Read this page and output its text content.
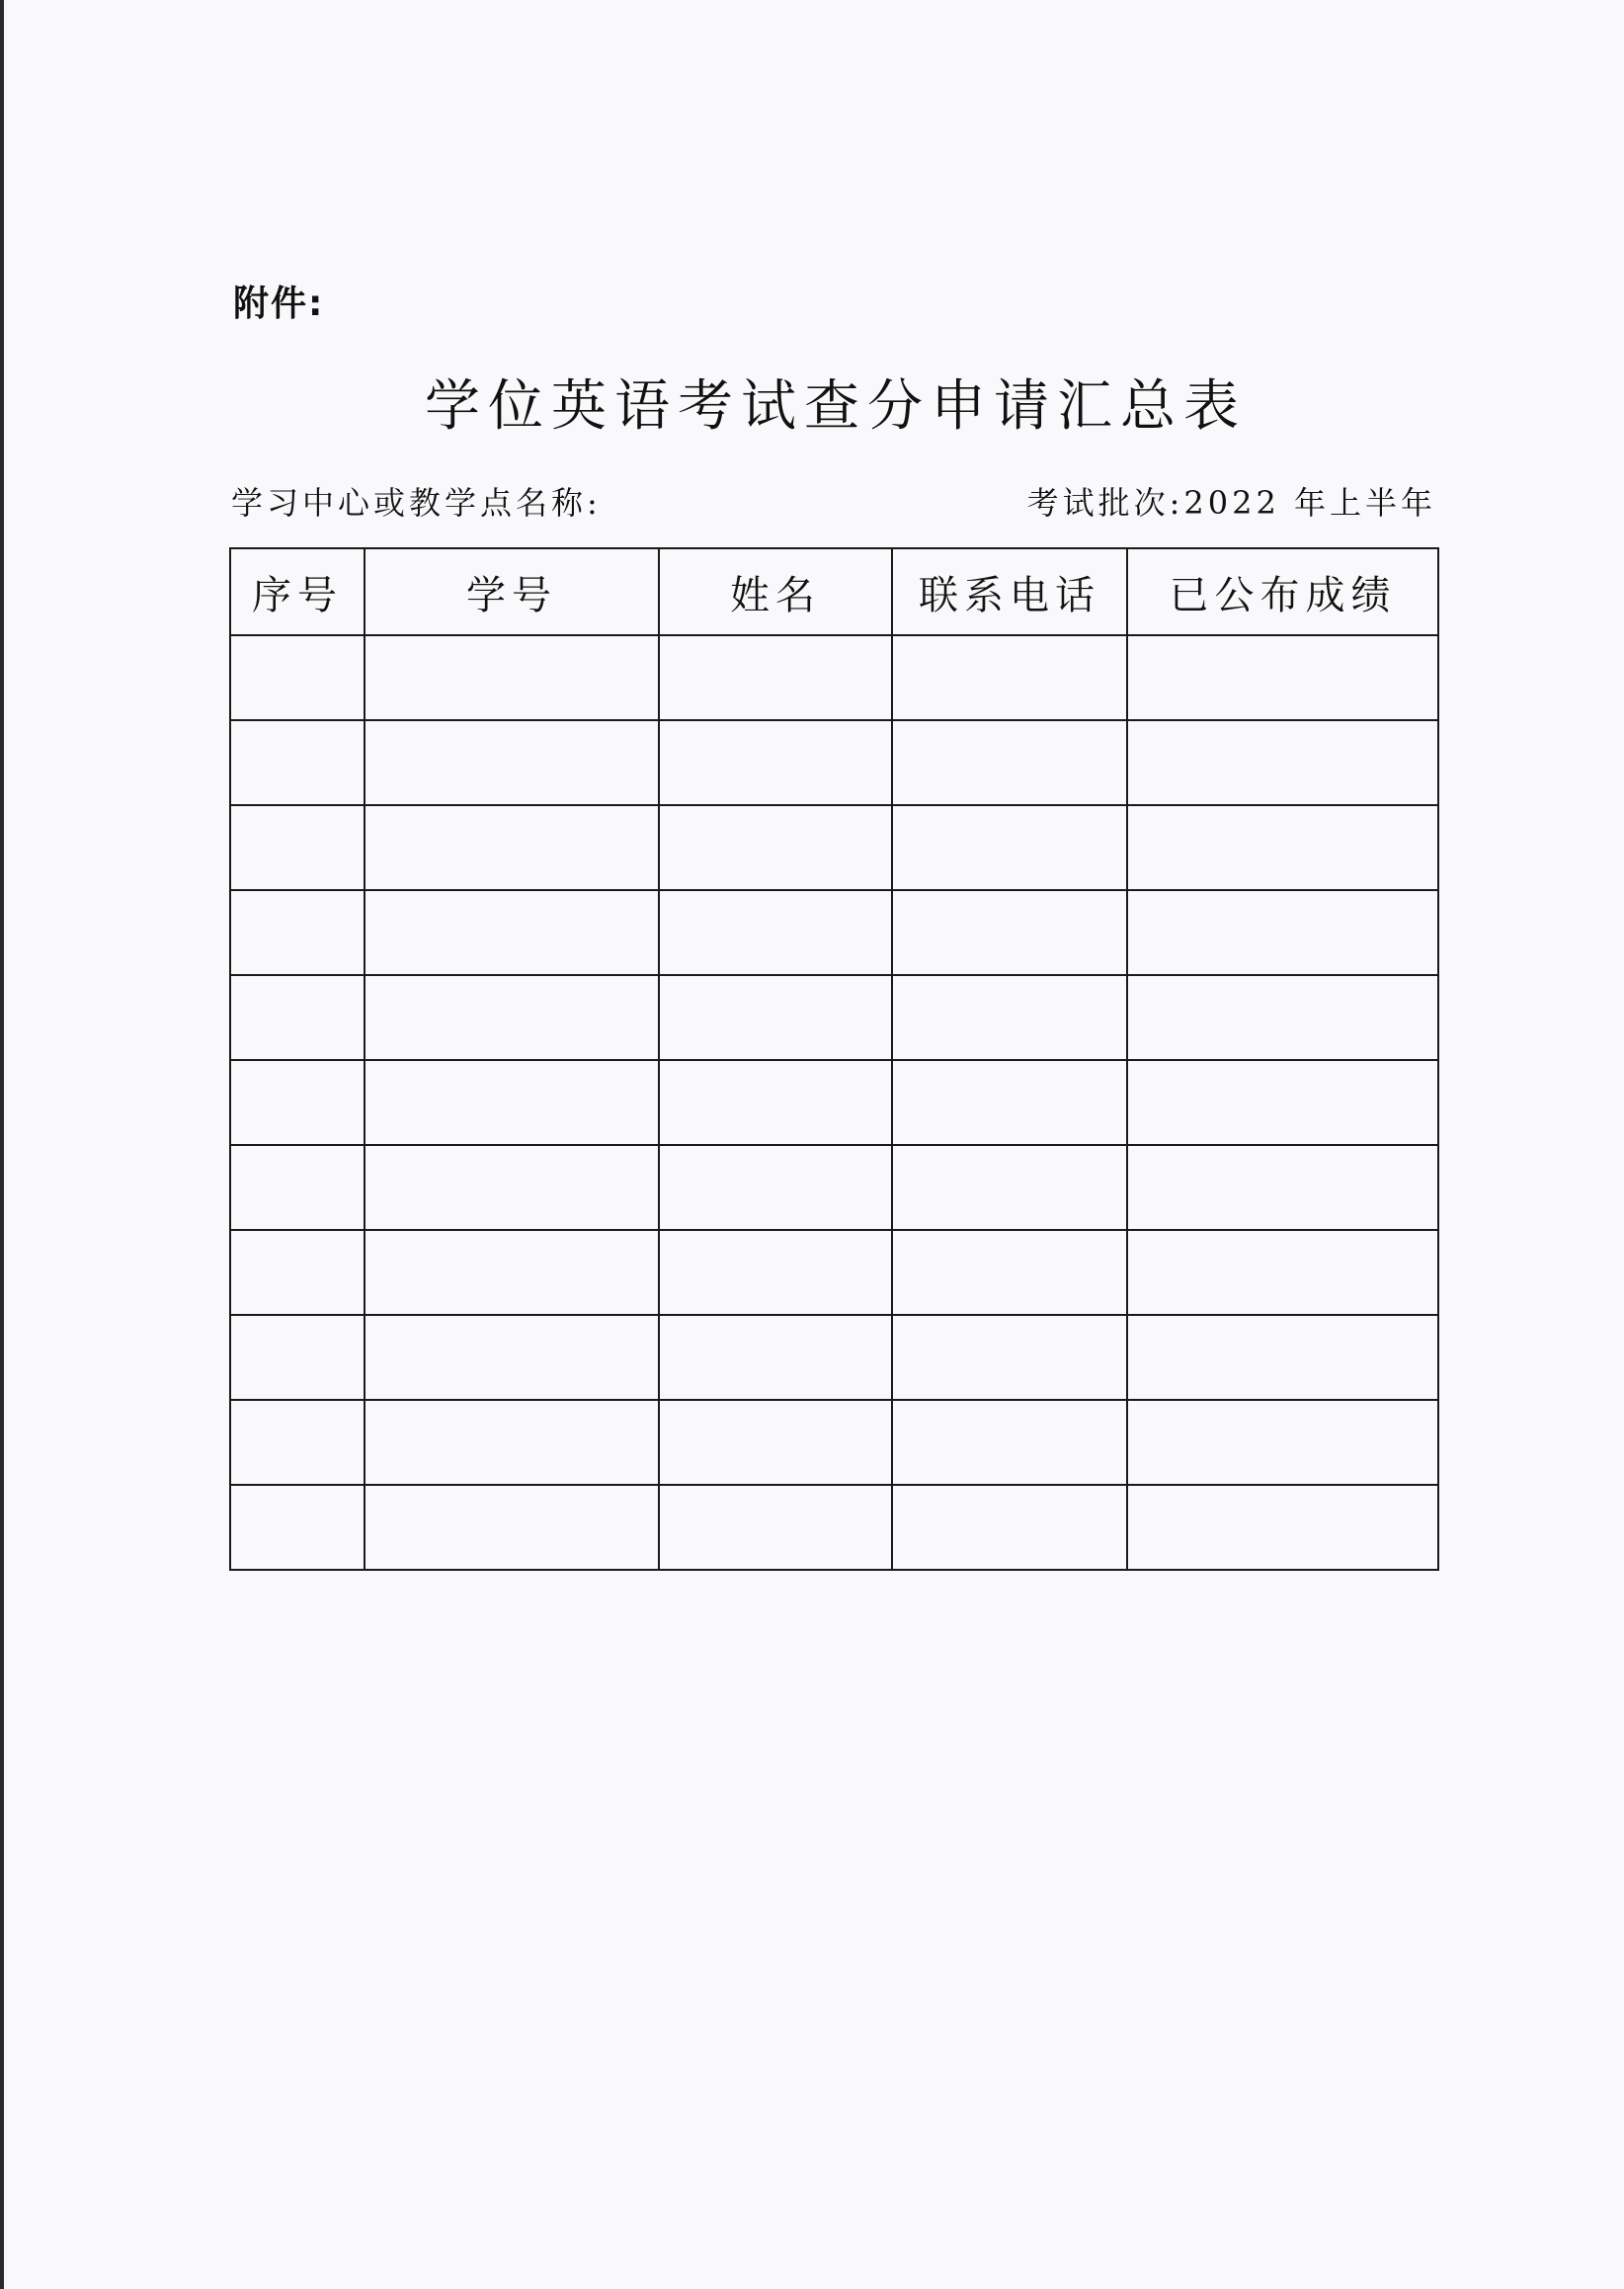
附件:
学位英语考试查分申请汇总表
学习中心或教学点名称:	考试批次:2022 年上半年
序号	学号	姓名	联系电话	已公布成绩
